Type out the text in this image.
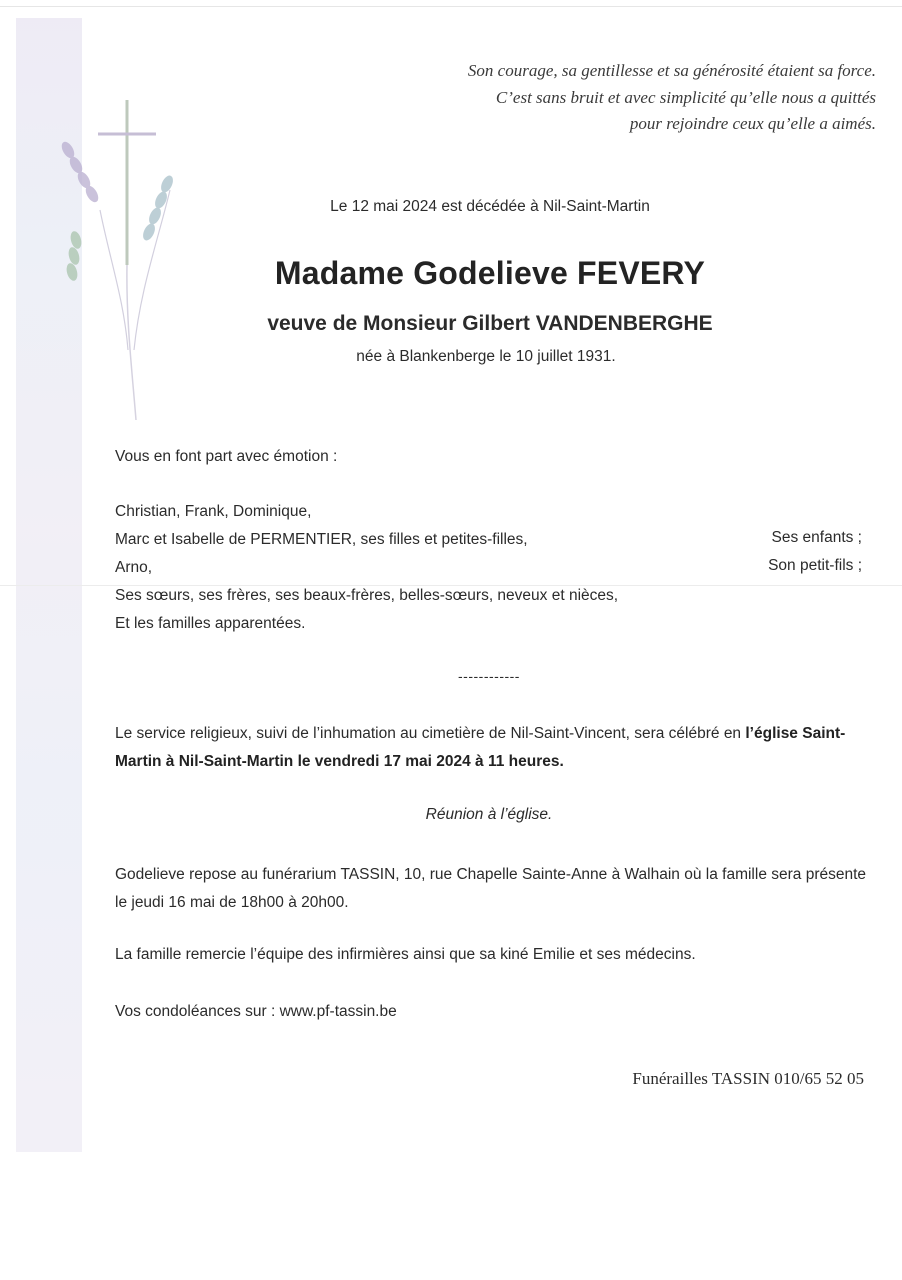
Son courage, sa gentillesse et sa générosité étaient sa force.
C’est sans bruit et avec simplicité qu’elle nous a quittés
pour rejoindre ceux qu’elle a aimés.
Le 12 mai 2024 est décédée à Nil-Saint-Martin
Madame Godelieve FEVERY
veuve de Monsieur Gilbert VANDENBERGHE
née à Blankenberge le 10 juillet 1931.
Vous en font part avec émotion :
Christian, Frank, Dominique,
Marc et Isabelle de PERMENTIER, ses filles et petites-filles,
Arno,
Ses sœurs, ses frères, ses beaux-frères, belles-sœurs, neveux et nièces,
Et les familles apparentées.
Ses enfants ;
Son petit-fils ;
------------
Le service religieux, suivi de l’inhumation au cimetière de Nil-Saint-Vincent, sera célébré en l’église Saint-Martin à Nil-Saint-Martin le vendredi 17 mai 2024 à 11 heures.
Réunion à l’église.
Godelieve repose au funérarium TASSIN, 10, rue Chapelle Sainte-Anne à Walhain où la famille sera présente le jeudi 16 mai de 18h00 à 20h00.
La famille remercie l’équipe des infirmières ainsi que sa kiné Emilie et ses médecins.
Vos condoléances sur : www.pf-tassin.be
Funérailles TASSIN 010/65 52 05
